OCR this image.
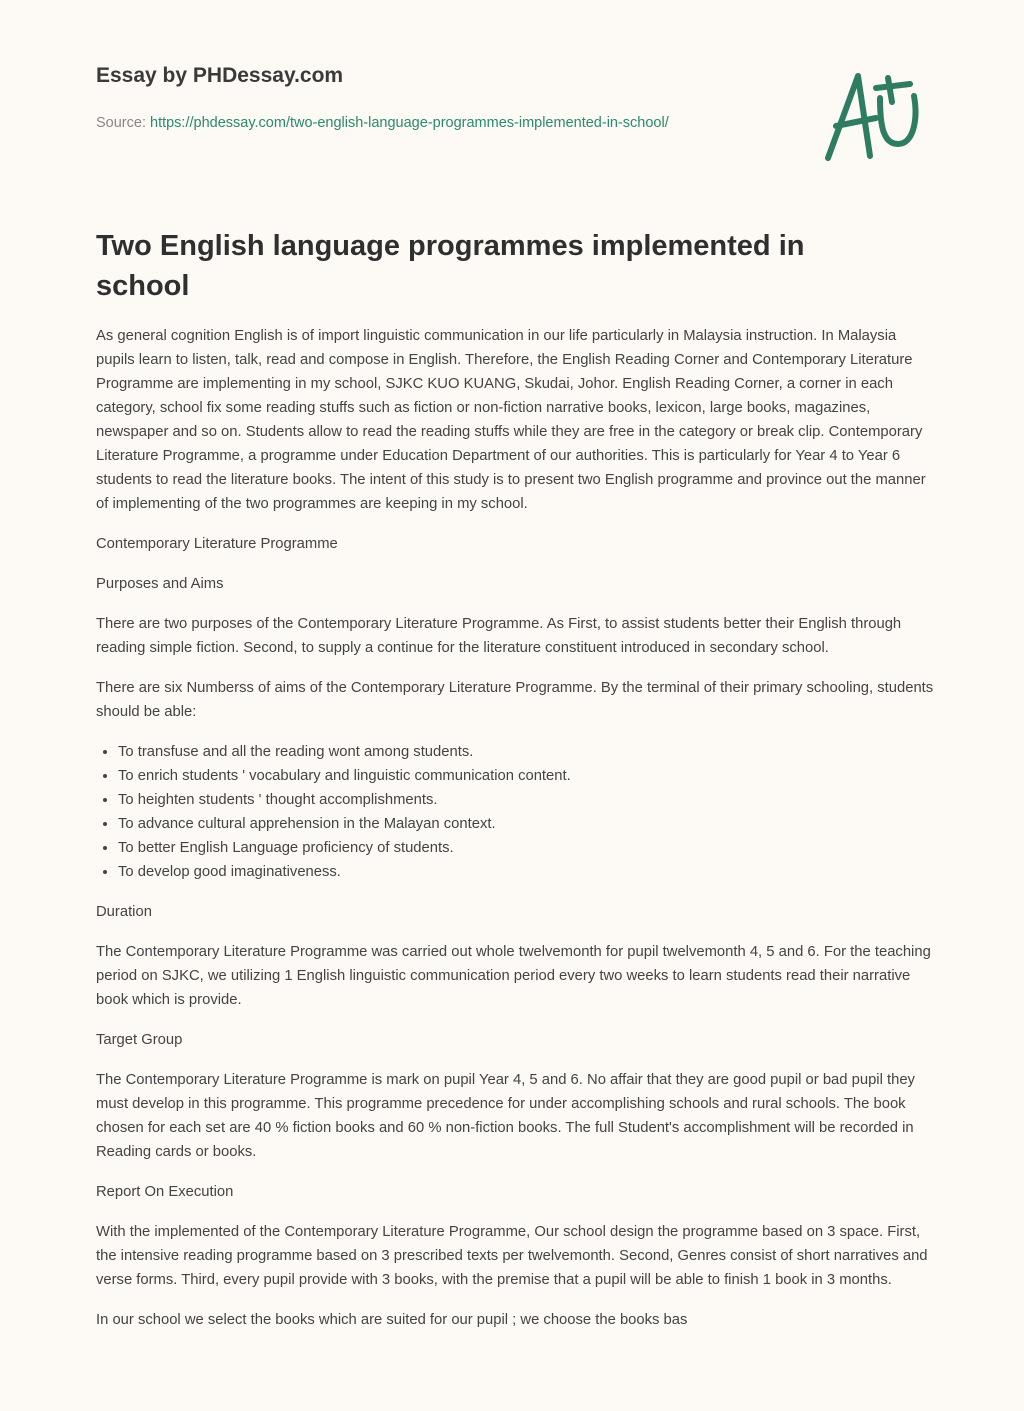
Essay by PHDessay.com
Source: https://phdessay.com/two-english-language-programmes-implemented-in-school/
Two English language programmes implemented in school

As general cognition English is of import linguistic communication in our life particularly in Malaysia instruction. In Malaysia pupils learn to listen, talk, read and compose in English. Therefore, the English Reading Corner and Contemporary Literature Programme are implementing in my school, SJKC KUO KUANG, Skudai, Johor. English Reading Corner, a corner in each category, school fix some reading stuffs such as fiction or non-fiction narrative books, lexicon, large books, magazines, newspaper and so on. Students allow to read the reading stuffs while they are free in the category or break clip. Contemporary Literature Programme, a programme under Education Department of our authorities. This is particularly for Year 4 to Year 6 students to read the literature books. The intent of this study is to present two English programme and province out the manner of implementing of the two programmes are keeping in my school.

Contemporary Literature Programme

Purposes and Aims

There are two purposes of the Contemporary Literature Programme. As First, to assist students better their English through reading simple fiction. Second, to supply a continue for the literature constituent introduced in secondary school.

There are six Numberss of aims of the Contemporary Literature Programme. By the terminal of their primary schooling, students should be able:

• To transfuse and all the reading wont among students.
• To enrich students ' vocabulary and linguistic communication content.
• To heighten students ' thought accomplishments.
• To advance cultural apprehension in the Malayan context.
• To better English Language proficiency of students.
• To develop good imaginativeness.

Duration

The Contemporary Literature Programme was carried out whole twelvemonth for pupil twelvemonth 4, 5 and 6. For the teaching period on SJKC, we utilizing 1 English linguistic communication period every two weeks to learn students read their narrative book which is provide.

Target Group

The Contemporary Literature Programme is mark on pupil Year 4, 5 and 6. No affair that they are good pupil or bad pupil they must develop in this programme. This programme precedence for under accomplishing schools and rural schools. The book chosen for each set are 40 % fiction books and 60 % non-fiction books. The full Student's accomplishment will be recorded in Reading cards or books.

Report On Execution

With the implemented of the Contemporary Literature Programme, Our school design the programme based on 3 space. First, the intensive reading programme based on 3 prescribed texts per twelvemonth. Second, Genres consist of short narratives and verse forms. Third, every pupil provide with 3 books, with the premise that a pupil will be able to finish 1 book in 3 months.

In our school we select the books which are suited for our pupil ; we choose the books bas
